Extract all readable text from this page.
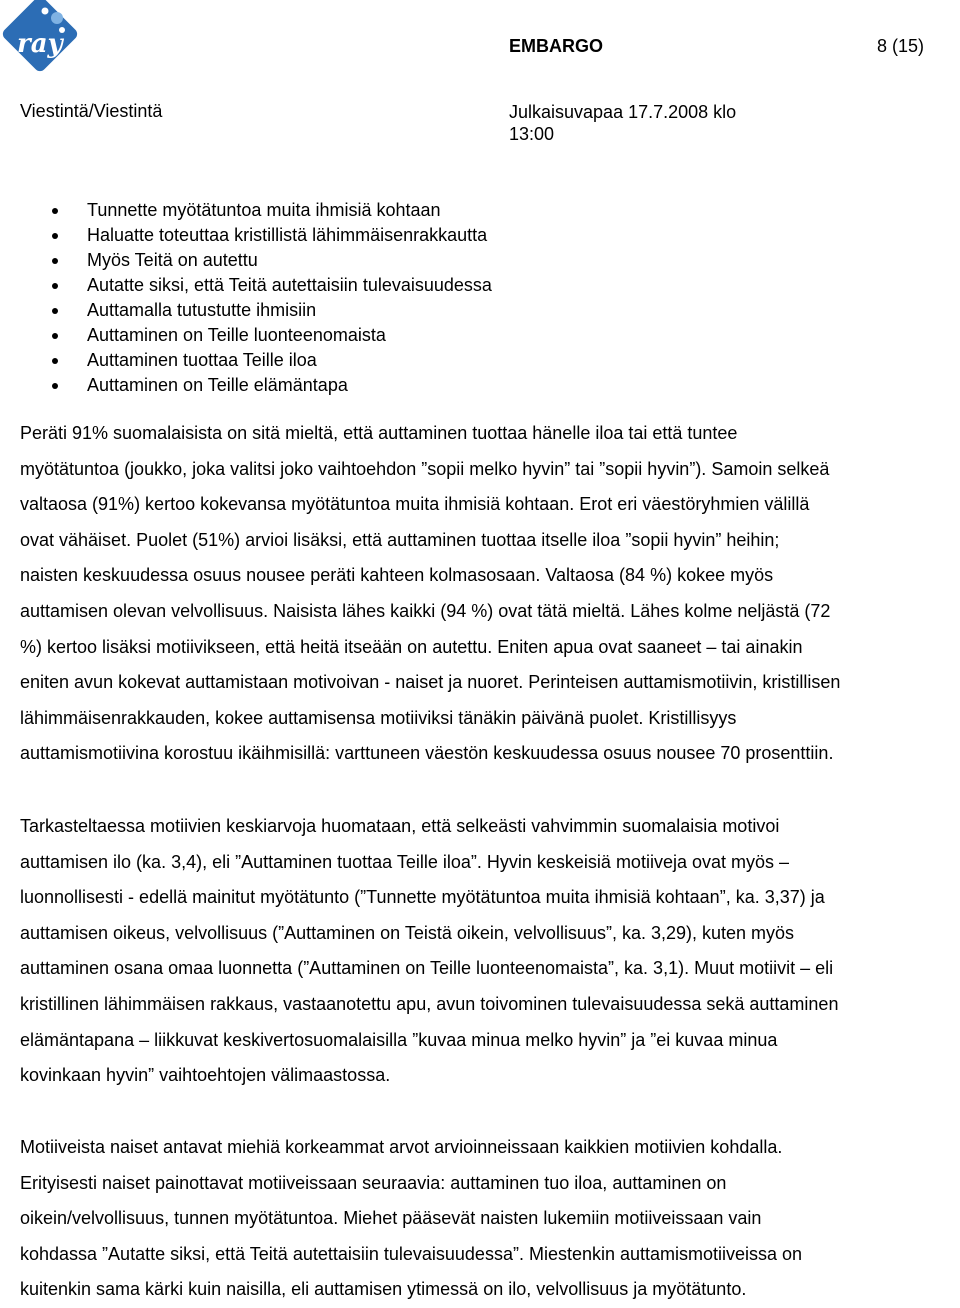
ray	EMBARGO	8 (15)
Viestintä/Viestintä	Julkaisuvapaa 17.7.2008 klo
13:00
Tunnette myötätuntoa muita ihmisiä kohtaan
Haluatte toteuttaa kristillistä lähimmäisenrakkautta
Myös Teitä on autettu
Autatte siksi, että Teitä autettaisiin tulevaisuudessa
Auttamalla tutustutte ihmisiin
Auttaminen on Teille luonteenomaista
Auttaminen tuottaa Teille iloa
Auttaminen on Teille elämäntapa

Peräti 91% suomalaisista on sitä mieltä, että auttaminen tuottaa hänelle iloa tai että tuntee
myötätuntoa (joukko, joka valitsi joko vaihtoehdon ”sopii melko hyvin” tai ”sopii hyvin”). Samoin selkeä
valtaosa (91%) kertoo kokevansa myötätuntoa muita ihmisiä kohtaan. Erot eri väestöryhmien välillä
ovat vähäiset. Puolet (51%) arvioi lisäksi, että auttaminen tuottaa itselle iloa ”sopii hyvin” heihin;
naisten keskuudessa osuus nousee peräti kahteen kolmasosaan. Valtaosa (84 %) kokee myös
auttamisen olevan velvollisuus. Naisista lähes kaikki (94 %) ovat tätä mieltä. Lähes kolme neljästä (72
%) kertoo lisäksi motiivikseen, että heitä itseään on autettu. Eniten apua ovat saaneet – tai ainakin
eniten avun kokevat auttamistaan motivoivan - naiset ja nuoret. Perinteisen auttamismotiivin, kristillisen
lähimmäisenrakkauden, kokee auttamisensa motiiviksi tänäkin päivänä puolet. Kristillisyys
auttamismotiivina korostuu ikäihmisillä: varttuneen väestön keskuudessa osuus nousee 70 prosenttiin.

Tarkasteltaessa motiivien keskiarvoja huomataan, että selkeästi vahvimmin suomalaisia motivoi
auttamisen ilo (ka. 3,4), eli ”Auttaminen tuottaa Teille iloa”. Hyvin keskeisiä motiiveja ovat myös –
luonnollisesti - edellä mainitut myötätunto (”Tunnette myötätuntoa muita ihmisiä kohtaan”, ka. 3,37) ja
auttamisen oikeus, velvollisuus (”Auttaminen on Teistä oikein, velvollisuus”, ka. 3,29), kuten myös
auttaminen osana omaa luonnetta (”Auttaminen on Teille luonteenomaista”, ka. 3,1). Muut motiivit – eli
kristillinen lähimmäisen rakkaus, vastaanotettu apu, avun toivominen tulevaisuudessa sekä auttaminen
elämäntapana – liikkuvat keskivertosuomalaisilla ”kuvaa minua melko hyvin” ja ”ei kuvaa minua
kovinkaan hyvin” vaihtoehtojen välimaastossa.

Motiiveista naiset antavat miehiä korkeammat arvot arvioinneissaan kaikkien motiivien kohdalla.
Erityisesti naiset painottavat motiiveissaan seuraavia: auttaminen tuo iloa, auttaminen on
oikein/velvollisuus, tunnen myötätuntoa. Miehet pääsevät naisten lukemiin motiiveissaan vain
kohdassa ”Autatte siksi, että Teitä autettaisiin tulevaisuudessa”. Miestenkin auttamismotiiveissa on
kuitenkin sama kärki kuin naisilla, eli auttamisen ytimessä on ilo, velvollisuus ja myötätunto.
